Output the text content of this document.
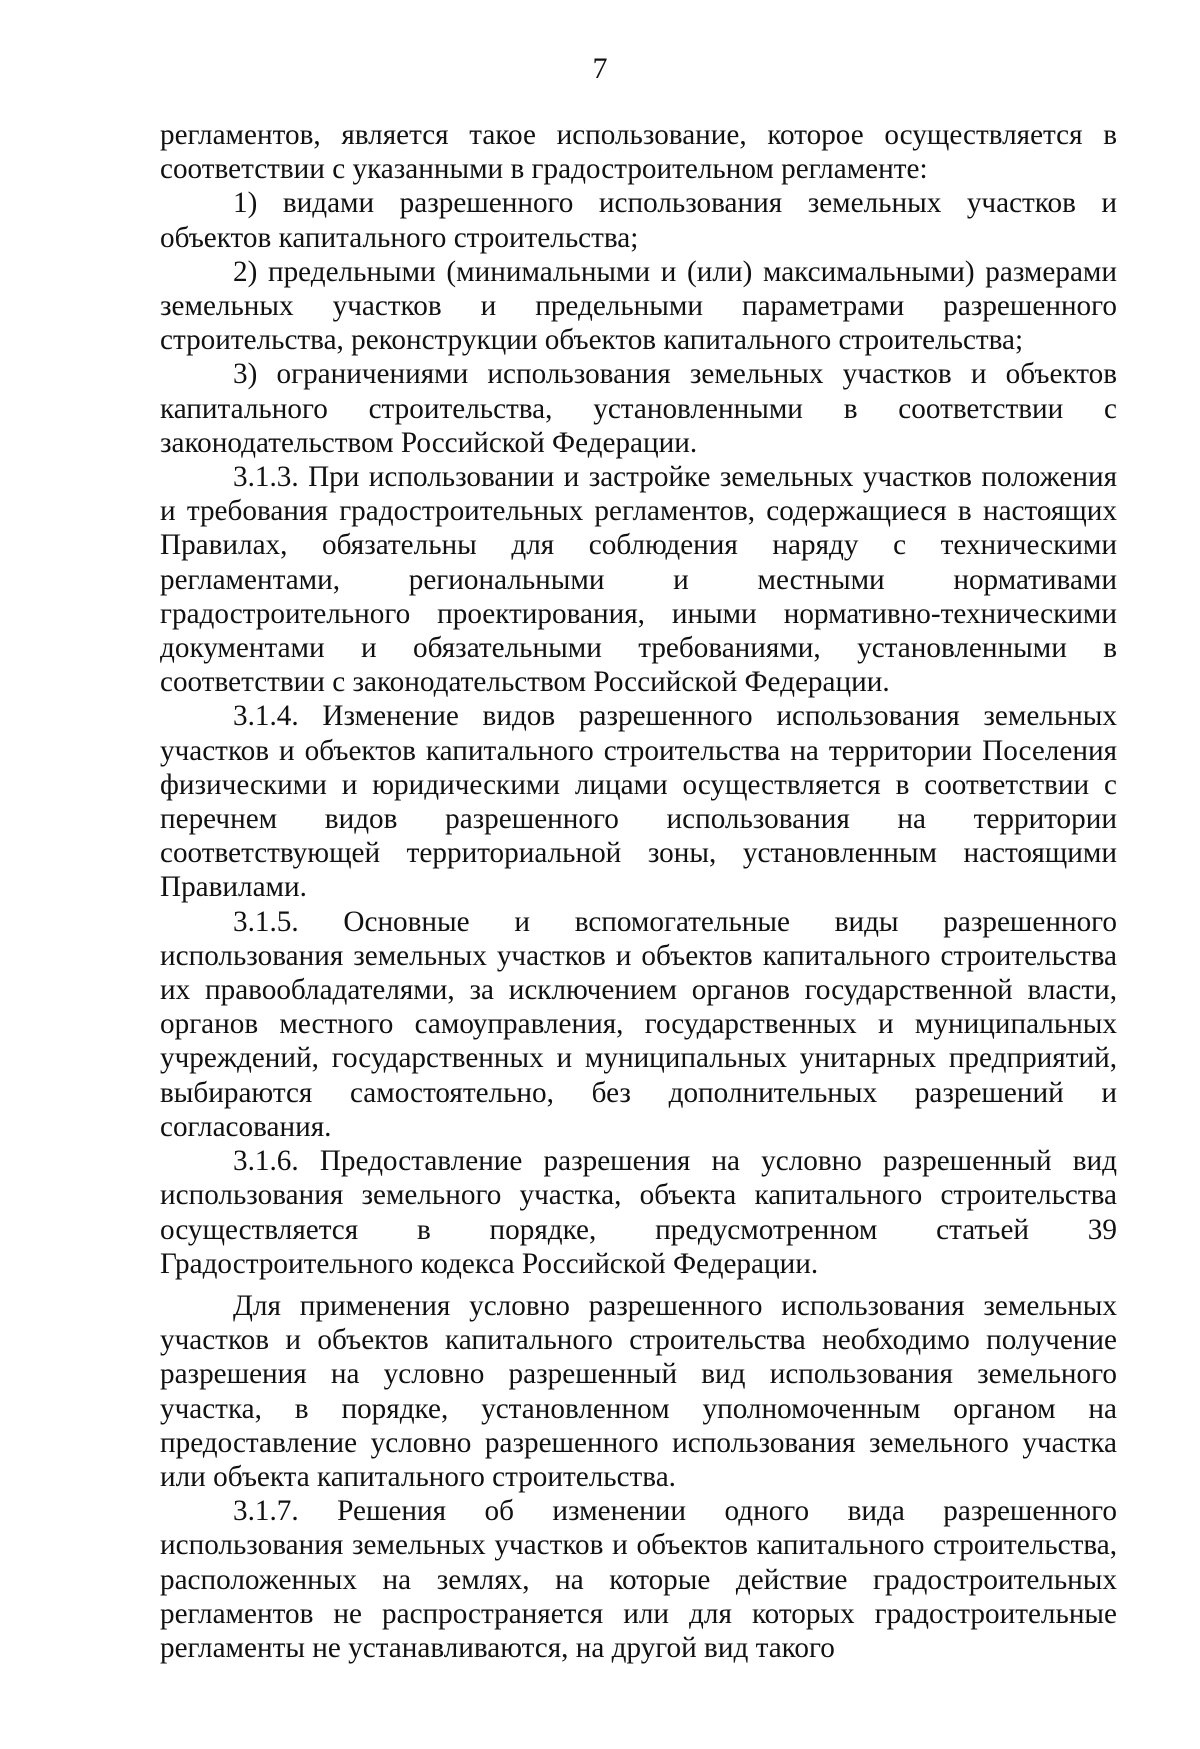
7

регламентов, является такое использование, которое осуществляется в соответствии с указанными в градостроительном регламенте:

1) видами разрешенного использования земельных участков и объектов капитального строительства;

2) предельными (минимальными и (или) максимальными) размерами земельных участков и предельными параметрами разрешенного строительства, реконструкции объектов капитального строительства;

3) ограничениями использования земельных участков и объектов капитального строительства, установленными в соответствии с законодательством Российской Федерации.

3.1.3. При использовании и застройке земельных участков положения и требования градостроительных регламентов, содержащиеся в настоящих Правилах, обязательны для соблюдения наряду с техническими регламентами, региональными и местными нормативами градостроительного проектирования, иными нормативно-техническими документами и обязательными требованиями, установленными в соответствии с законодательством Российской Федерации.

3.1.4. Изменение видов разрешенного использования земельных участков и объектов капитального строительства на территории Поселения физическими и юридическими лицами осуществляется в соответствии с перечнем видов разрешенного использования на территории соответствующей территориальной зоны, установленным настоящими Правилами.

3.1.5. Основные и вспомогательные виды разрешенного использования земельных участков и объектов капитального строительства их правообладателями, за исключением органов государственной власти, органов местного самоуправления, государственных и муниципальных учреждений, государственных и муниципальных унитарных предприятий, выбираются самостоятельно, без дополнительных разрешений и согласования.

3.1.6. Предоставление разрешения на условно разрешенный вид использования земельного участка, объекта капитального строительства осуществляется в порядке, предусмотренном статьей 39 Градостроительного кодекса Российской Федерации.

Для применения условно разрешенного использования земельных участков и объектов капитального строительства необходимо получение разрешения на условно разрешенный вид использования земельного участка, в порядке, установленном уполномоченным органом на предоставление условно разрешенного использования земельного участка или объекта капитального строительства.

3.1.7. Решения об изменении одного вида разрешенного использования земельных участков и объектов капитального строительства, расположенных на землях, на которые действие градостроительных регламентов не распространяется или для которых градостроительные регламенты не устанавливаются, на другой вид такого
